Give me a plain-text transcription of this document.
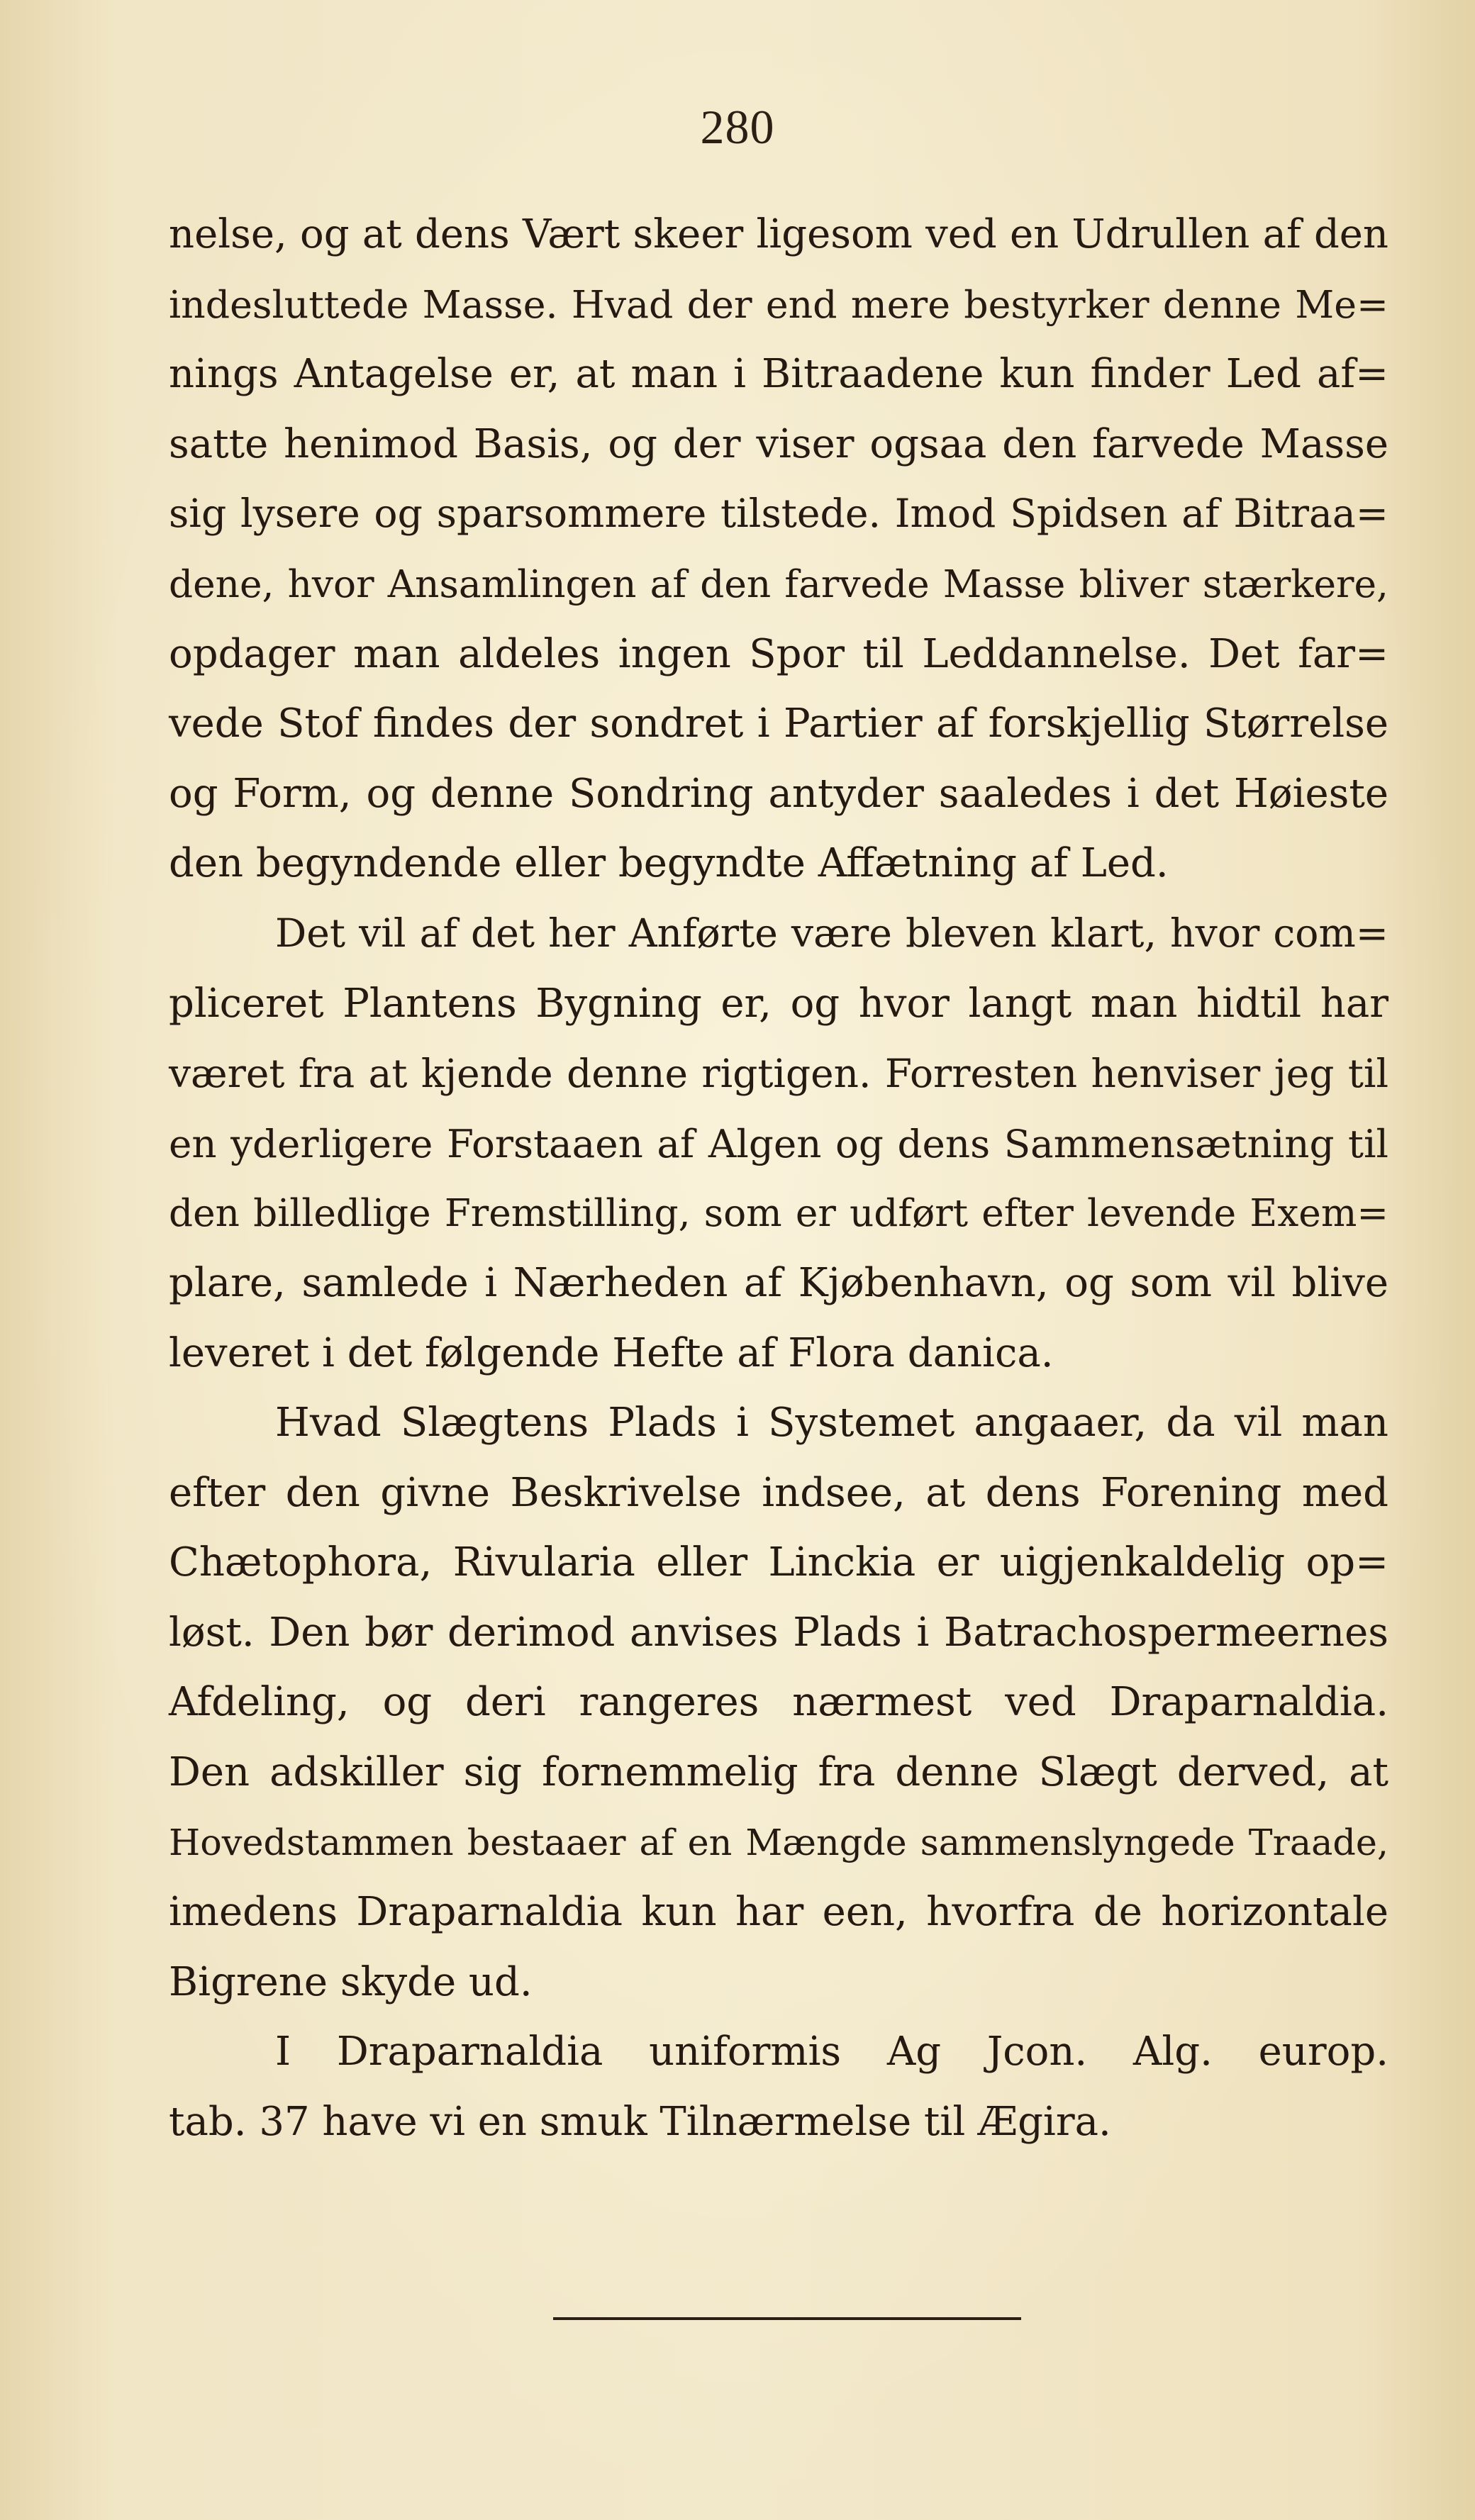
280
nelse, og at dens Vært skeer ligesom ved en Udrullen af den
indesluttede Masse. Hvad der end mere bestyrker denne Me=
nings Antagelse er, at man i Bitraadene kun finder Led af=
satte henimod Basis, og der viser ogsaa den farvede Masse
sig lysere og sparsommere tilstede. Imod Spidsen af Bitraa=
dene, hvor Ansamlingen af den farvede Masse bliver stærkere,
opdager man aldeles ingen Spor til Leddannelse. Det far=
vede Stof findes der sondret i Partier af forskjellig Størrelse
og Form, og denne Sondring antyder saaledes i det Høieste
den begyndende eller begyndte Affætning af Led.
Det vil af det her Anførte være bleven klart, hvor com=
pliceret Plantens Bygning er, og hvor langt man hidtil har
været fra at kjende denne rigtigen. Forresten henviser jeg til
en yderligere Forstaaen af Algen og dens Sammensætning til
den billedlige Fremstilling, som er udført efter levende Exem=
plare, samlede i Nærheden af Kjøbenhavn, og som vil blive
leveret i det følgende Hefte af Flora danica.
Hvad Slægtens Plads i Systemet angaaer, da vil man
efter den givne Beskrivelse indsee, at dens Forening med
Chætophora, Rivularia eller Linckia er uigjenkaldelig op=
løst. Den bør derimod anvises Plads i Batrachospermeernes
Afdeling, og deri rangeres nærmest ved Draparnaldia.
Den adskiller sig fornemmelig fra denne Slægt derved, at
Hovedstammen bestaaer af en Mængde sammenslyngede Traade,
imedens Draparnaldia kun har een, hvorfra de horizontale
Bigrene skyde ud.
I Draparnaldia uniformis Ag Jcon. Alg. europ.
tab. 37 have vi en smuk Tilnærmelse til Ægira.
